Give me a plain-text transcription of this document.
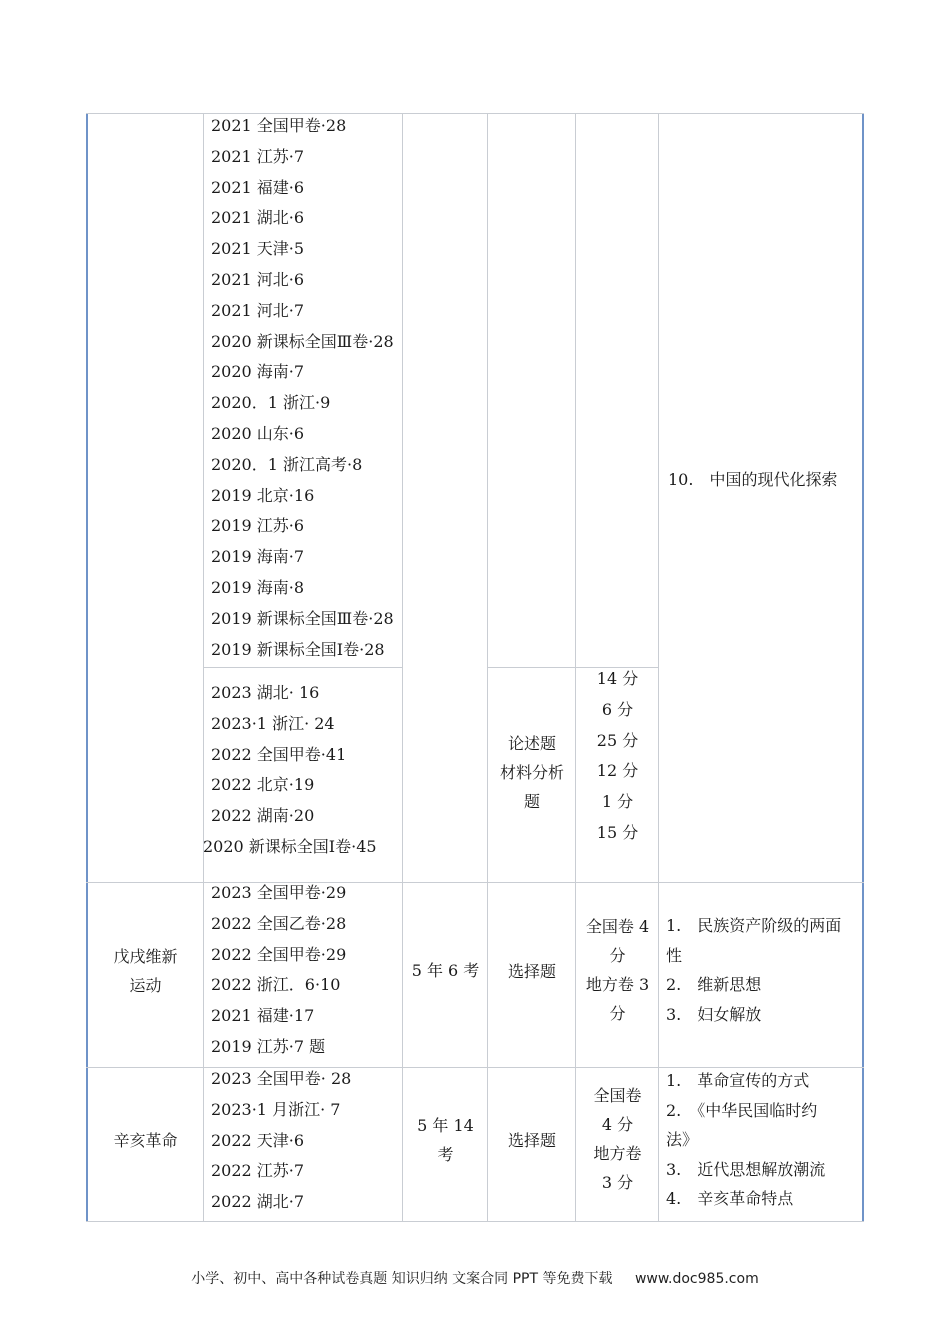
2021 全国甲卷·28
2021 江苏·7
2021 福建·6
2021 湖北·6
2021 天津·5
2021 河北·6
2021 河北·7
2020 新课标全国Ⅲ卷·28
2020 海南·7
2020．1 浙江·9
2020 山东·6
2020．1 浙江高考·8
2019 北京·16
2019 江苏·6
2019 海南·7
2019 海南·8
2019 新课标全国Ⅲ卷·28
2019 新课标全国Ⅰ卷·28
2023 湖北· 16
2023·1 浙江· 24
2022 全国甲卷·41
2022 北京·19
2022 湖南·20
2020 新课标全国Ⅰ卷·45
论述题
材料分析
题
14 分
6 分
25 分
12 分
1 分
15 分
10.　中国的现代化探索
戊戌维新
运动
2023 全国甲卷·29
2022 全国乙卷·28
2022 全国甲卷·29
2022 浙江．6·10
2021 福建·17
2019 江苏·7 题
5 年 6 考	选择题
全国卷 4
分
地方卷 3
分
1.　民族资产阶级的两面
性
2.　维新思想
3.　妇女解放
辛亥革命
2023 全国甲卷· 28
2023·1 月浙江· 7
2022 天津·6
2022 江苏·7
2022 湖北·7
5 年 14
考
选择题
全国卷
4 分
地方卷
3 分
1.　革命宣传的方式
2.　《中华民国临时约
法》
3.　近代思想解放潮流
4.　辛亥革命特点
小学、初中、高中各种试卷真题 知识归纳 文案合同 PPT 等免费下载 www.doc985.com
